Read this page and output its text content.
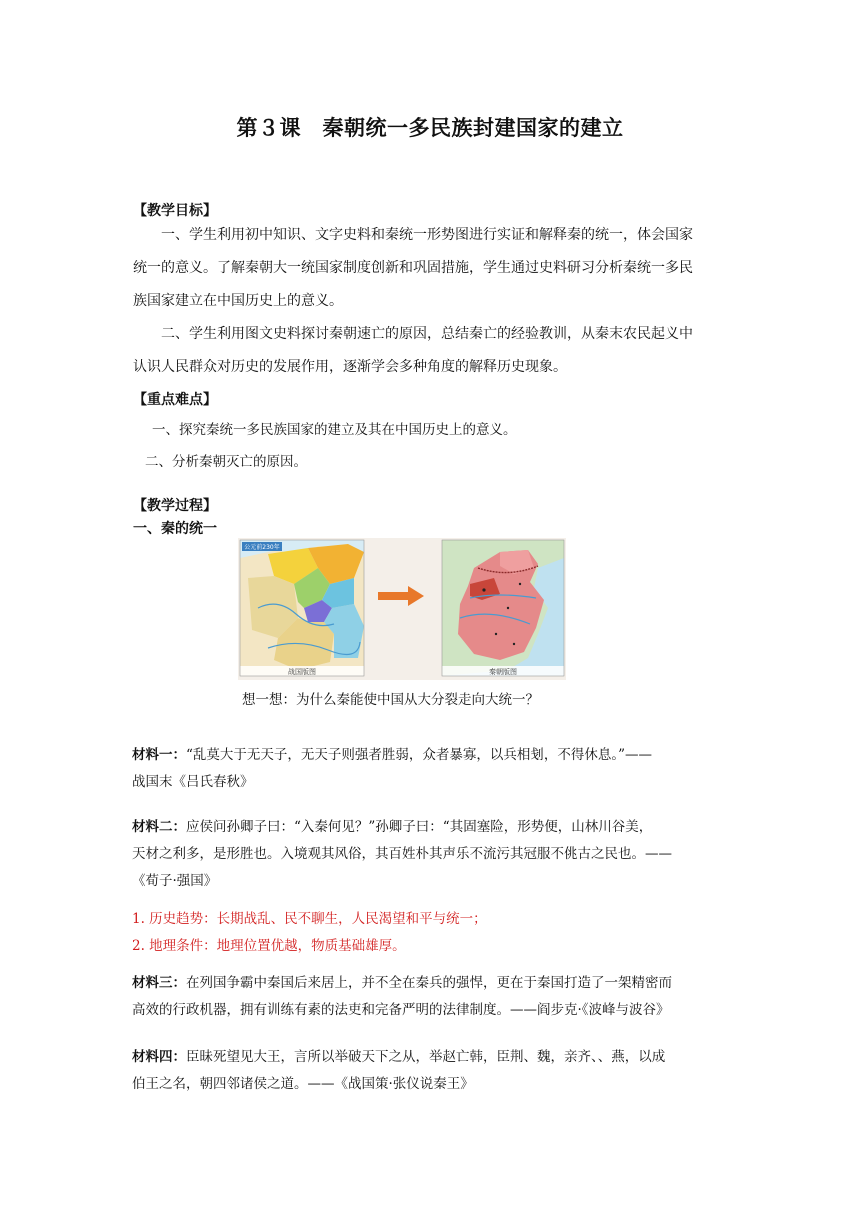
第３课　秦朝统一多民族封建国家的建立
【教学目标】
一、学生利用初中知识、文字史料和秦统一形势图进行实证和解释秦的统一，体会国家
统一的意义。了解秦朝大一统国家制度创新和巩固措施，学生通过史料研习分析秦统一多民
族国家建立在中国历史上的意义。
二、学生利用图文史料探讨秦朝速亡的原因，总结秦亡的经验教训，从秦末农民起义中
认识人民群众对历史的发展作用，逐渐学会多种角度的解释历史现象。
【重点难点】
一、探究秦统一多民族国家的建立及其在中国历史上的意义。
二、分析秦朝灭亡的原因。
【教学过程】
一、秦的统一
公元前230年
战国版图	秦朝版图
想一想：为什么秦能使中国从大分裂走向大统一？
材料一：“乱莫大于无天子，无天子则强者胜弱，众者暴寡，以兵相刬，不得休息。”——
战国末《吕氏春秋》
材料二：应侯问孙卿子曰：“入秦何见？”孙卿子曰：“其固塞险，形势便，山林川谷美，
天材之利多，是形胜也。入境观其风俗，其百姓朴其声乐不流污其冠服不佻古之民也。——
《荀子·强国》
1. 历史趋势：长期战乱、民不聊生，人民渴望和平与统一；
2. 地理条件：地理位置优越，物质基础雄厚。
材料三：在列国争霸中秦国后来居上，并不全在秦兵的强悍，更在于秦国打造了一架精密而
高效的行政机器，拥有训练有素的法吏和完备严明的法律制度。——阎步克·《波峰与波谷》
材料四：臣昧死望见大王，言所以举破天下之从，举赵亡韩，臣荆、魏，亲齐、、燕，以成
伯王之名，朝四邻诸侯之道。——《战国策·张仪说秦王》
